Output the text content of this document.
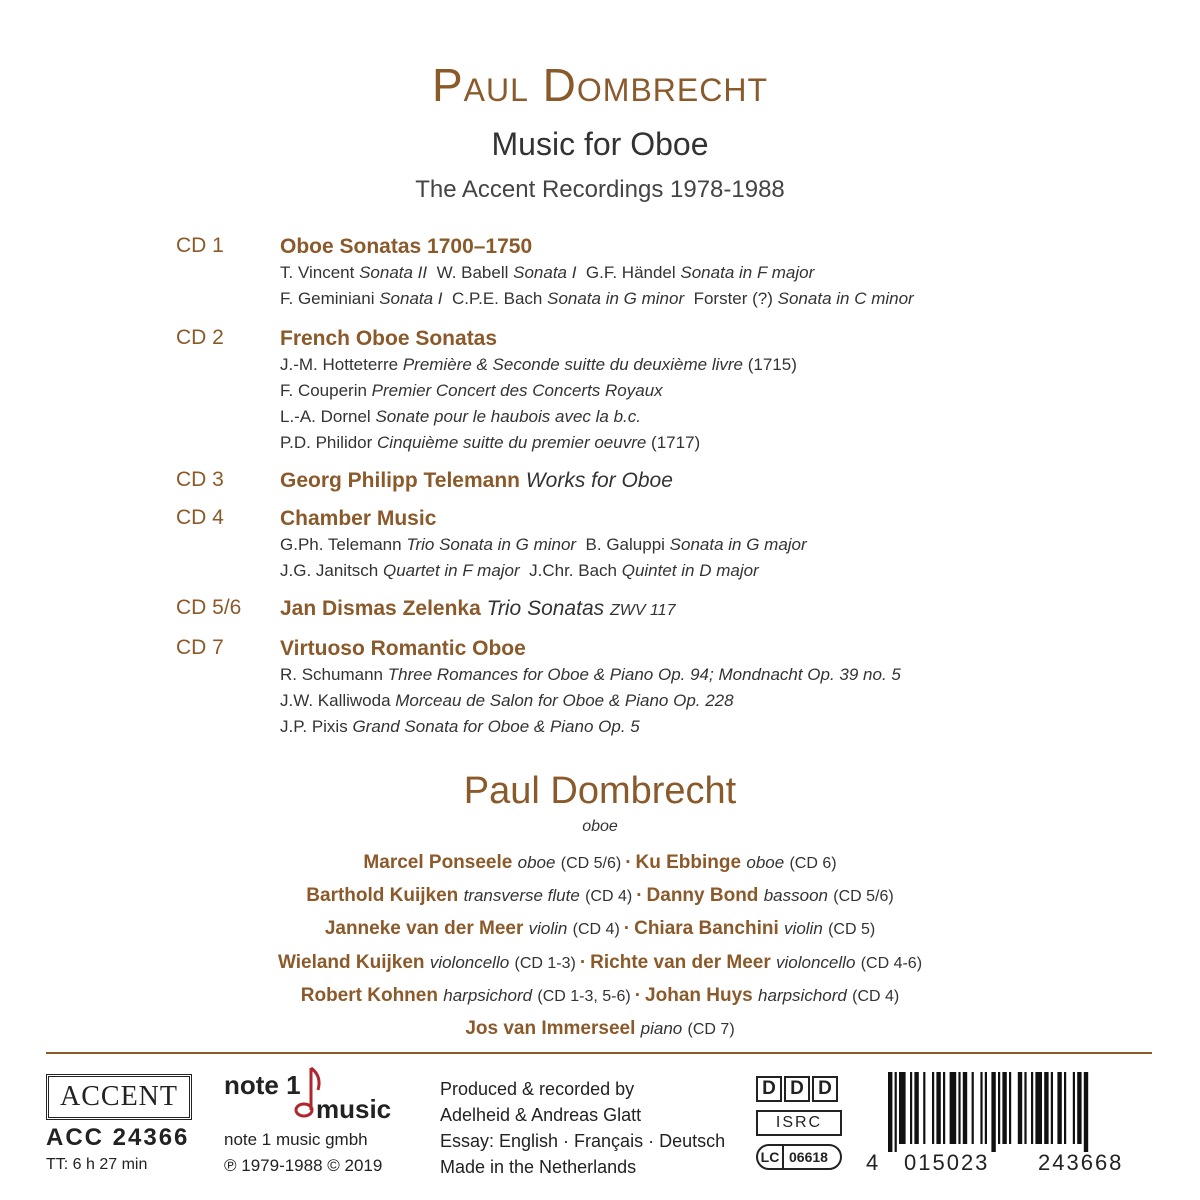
Paul Dombrecht
Music for Oboe
The Accent Recordings 1978-1988
CD 1	Oboe Sonatas 1700–1750
T. Vincent Sonata II  W. Babell Sonata I  G.F. Händel Sonata in F major
F. Geminiani Sonata I  C.P.E. Bach Sonata in G minor  Forster (?) Sonata in C minor
CD 2	French Oboe Sonatas
J.-M. Hotteterre Première & Seconde suitte du deuxième livre (1715)
F. Couperin Premier Concert des Concerts Royaux
L.-A. Dornel Sonate pour le haubois avec la b.c.
P.D. Philidor Cinquième suitte du premier oeuvre (1717)
CD 3	Georg Philipp Telemann Works for Oboe
CD 4	Chamber Music
G.Ph. Telemann Trio Sonata in G minor  B. Galuppi Sonata in G major
J.G. Janitsch Quartet in F major  J.Chr. Bach Quintet in D major
CD 5/6 Jan Dismas Zelenka Trio Sonatas ZWV 117
CD 7	Virtuoso Romantic Oboe
R. Schumann Three Romances for Oboe & Piano Op. 94; Mondnacht Op. 39 no. 5
J.W. Kalliwoda Morceau de Salon for Oboe & Piano Op. 228
J.P. Pixis Grand Sonata for Oboe & Piano Op. 5
Paul Dombrecht
oboe
Marcel Ponseele oboe (CD 5/6) · Ku Ebbinge oboe (CD 6)
Barthold Kuijken transverse flute (CD 4) · Danny Bond bassoon (CD 5/6)
Janneke van der Meer violin (CD 4) · Chiara Banchini violin (CD 5)
Wieland Kuijken violoncello (CD 1-3) · Richte van der Meer violoncello (CD 4-6)
Robert Kohnen harpsichord (CD 1-3, 5-6) · Johan Huys harpsichord (CD 4)
Jos van Immerseel piano (CD 7)
ACCENT
ACC 24366
TT: 6 h 27 min
note 1
music
note 1 music gmbh
℗ 1979-1988 © 2019
Produced & recorded by
Adelheid & Andreas Glatt
Essay: English · Français · Deutsch
Made in the Netherlands
D D D
ISRC
LC 06618 4 015023 243668
